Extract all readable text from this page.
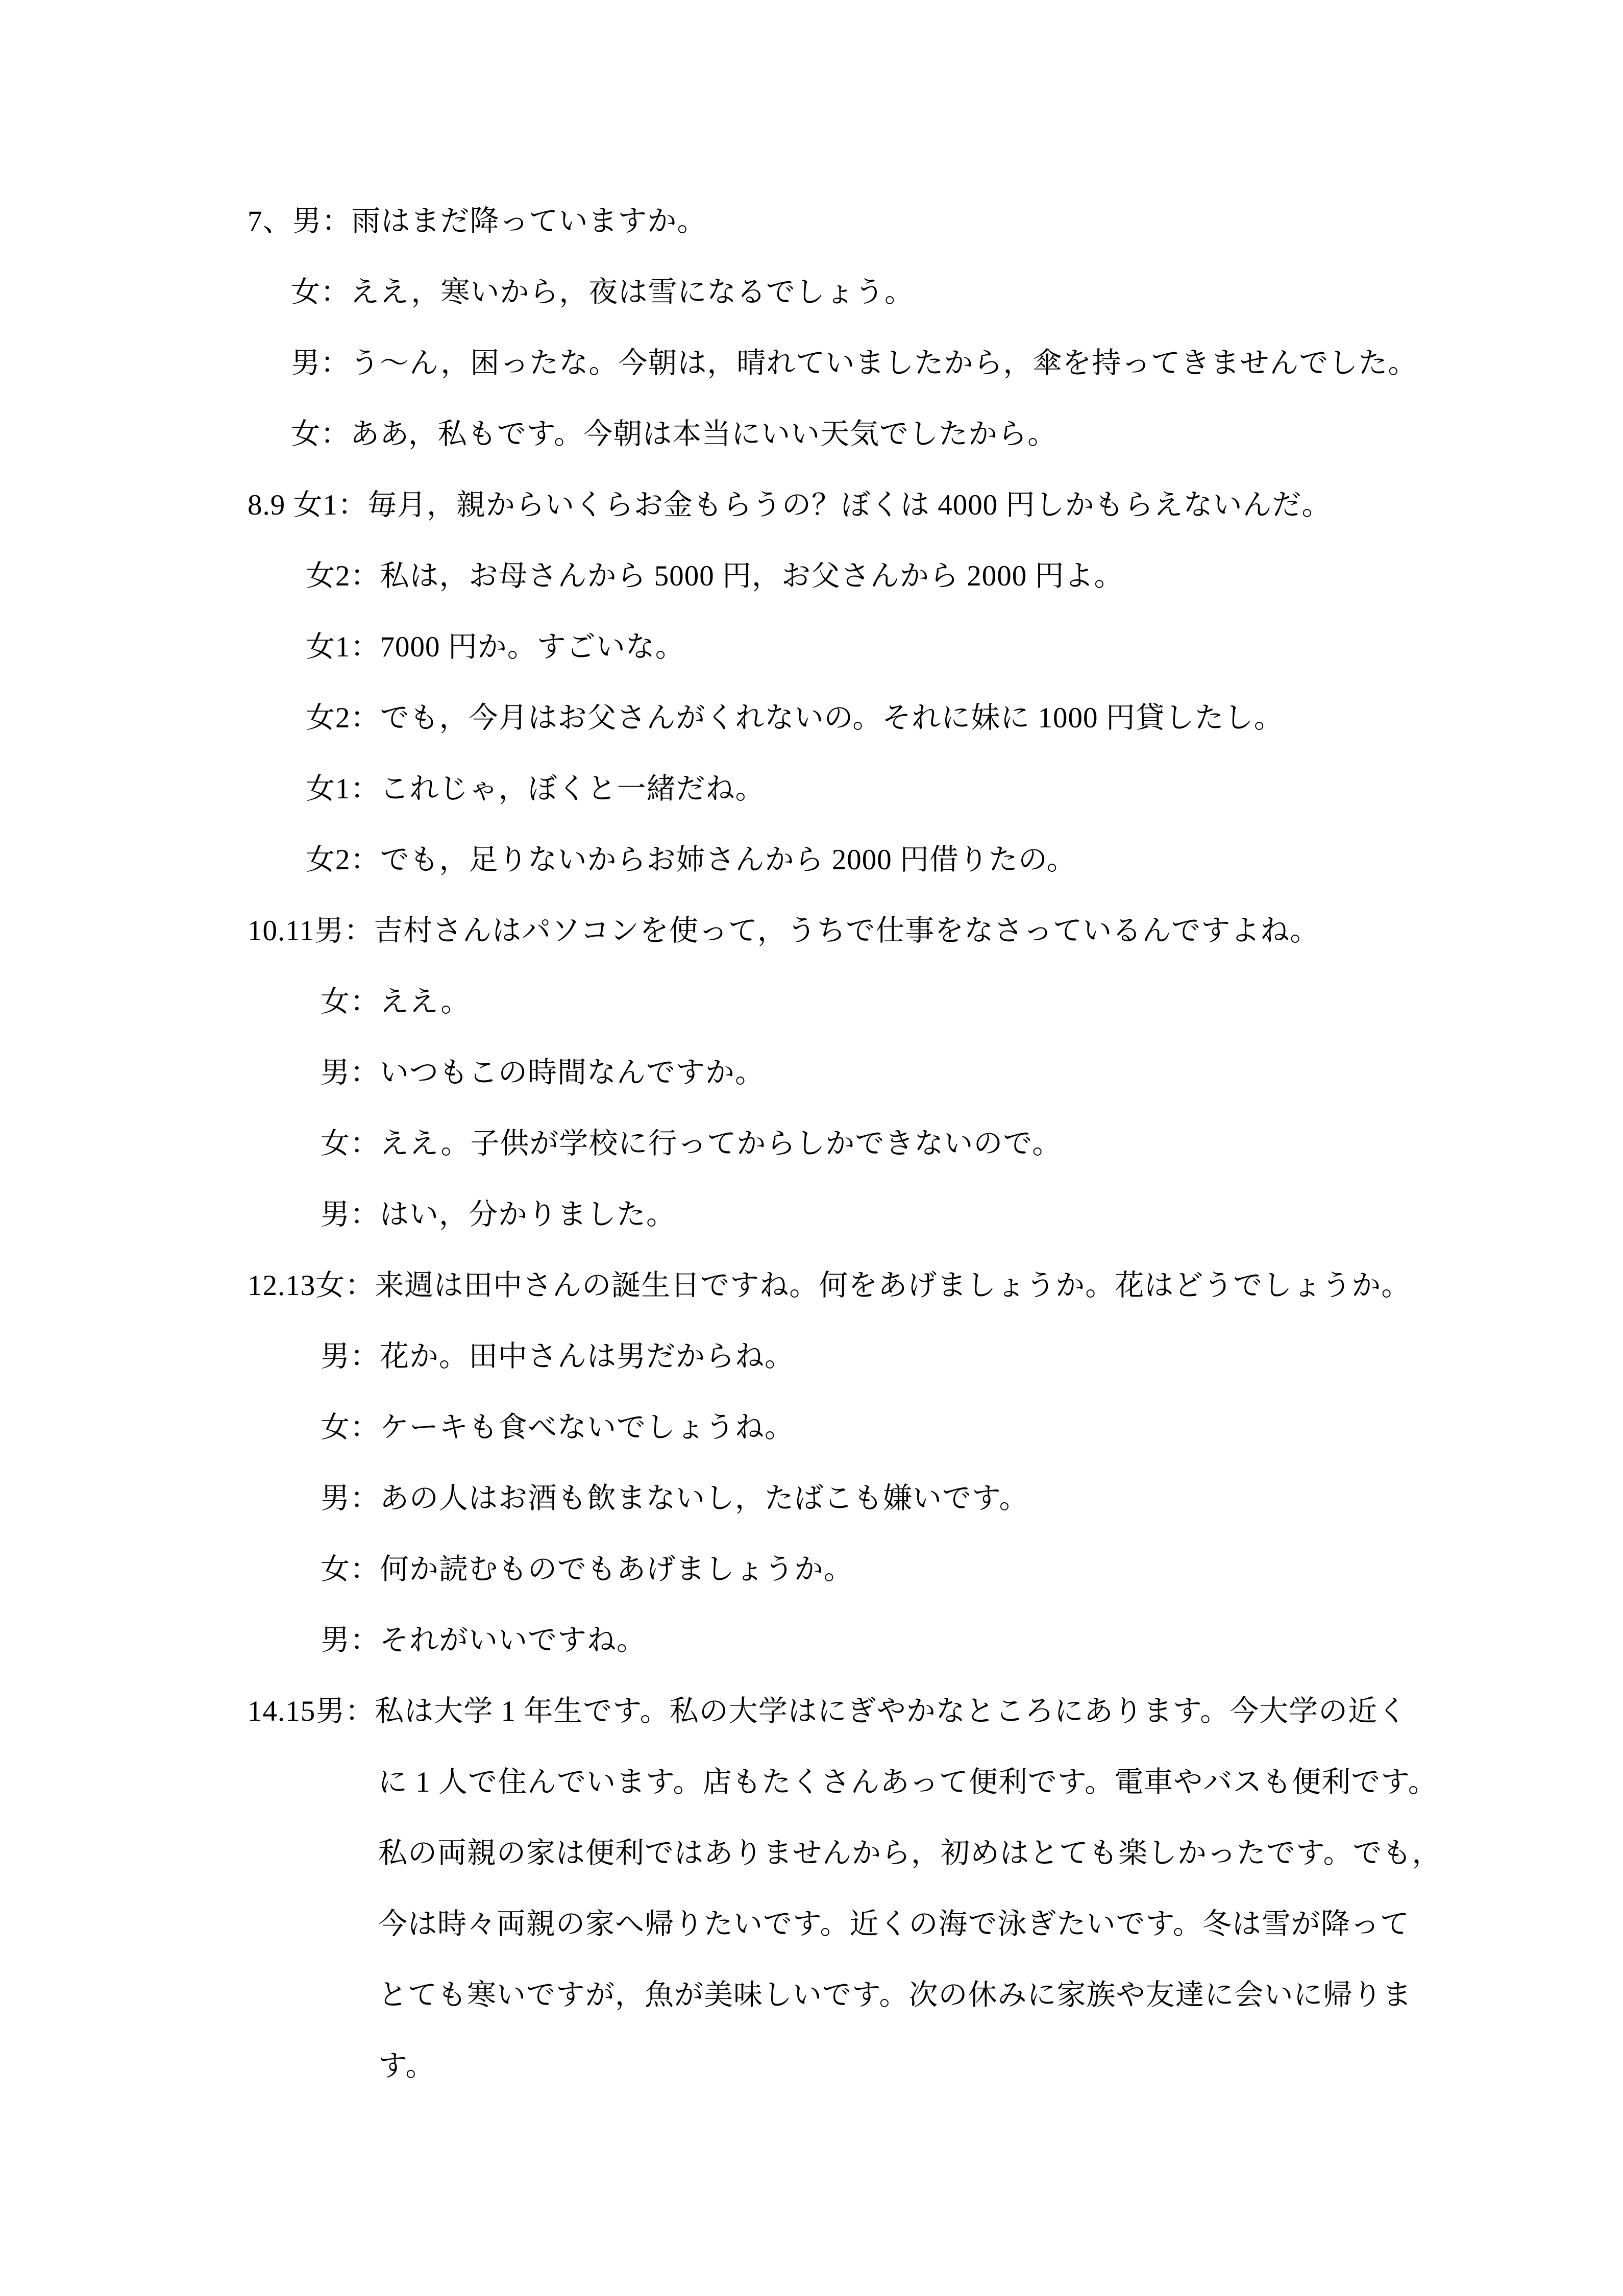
7、男：雨はまだ降っていますか。
女：ええ，寒いから，夜は雪になるでしょう。
男：う～ん，困ったな。今朝は，晴れていましたから，傘を持ってきませんでした。
女：ああ，私もです。今朝は本当にいい天気でしたから。
8.9 女1：毎月，親からいくらお金もらうの？ぼくは 4000 円しかもらえないんだ。
女2：私は，お母さんから 5000 円，お父さんから 2000 円よ。
女1：7000 円か。すごいな。
女2：でも，今月はお父さんがくれないの。それに妹に 1000 円貸したし。
女1：これじゃ，ぼくと一緒だね。
女2：でも，足りないからお姉さんから 2000 円借りたの。
10.11男：吉村さんはパソコンを使って，うちで仕事をなさっているんですよね。
女：ええ。
男：いつもこの時間なんですか。
女：ええ。子供が学校に行ってからしかできないので。
男：はい，分かりました。
12.13女：来週は田中さんの誕生日ですね。何をあげましょうか。花はどうでしょうか。
男：花か。田中さんは男だからね。
女：ケーキも食べないでしょうね。
男：あの人はお酒も飲まないし，たばこも嫌いです。
女：何か読むものでもあげましょうか。
男：それがいいですね。
14.15男：私は大学 1 年生です。私の大学はにぎやかなところにあります。今大学の近く
に 1 人で住んでいます。店もたくさんあって便利です。電車やバスも便利です。
私の両親の家は便利ではありませんから，初めはとても楽しかったです。でも，
今は時々両親の家へ帰りたいです。近くの海で泳ぎたいです。冬は雪が降って
とても寒いですが，魚が美味しいです。次の休みに家族や友達に会いに帰りま
す。
